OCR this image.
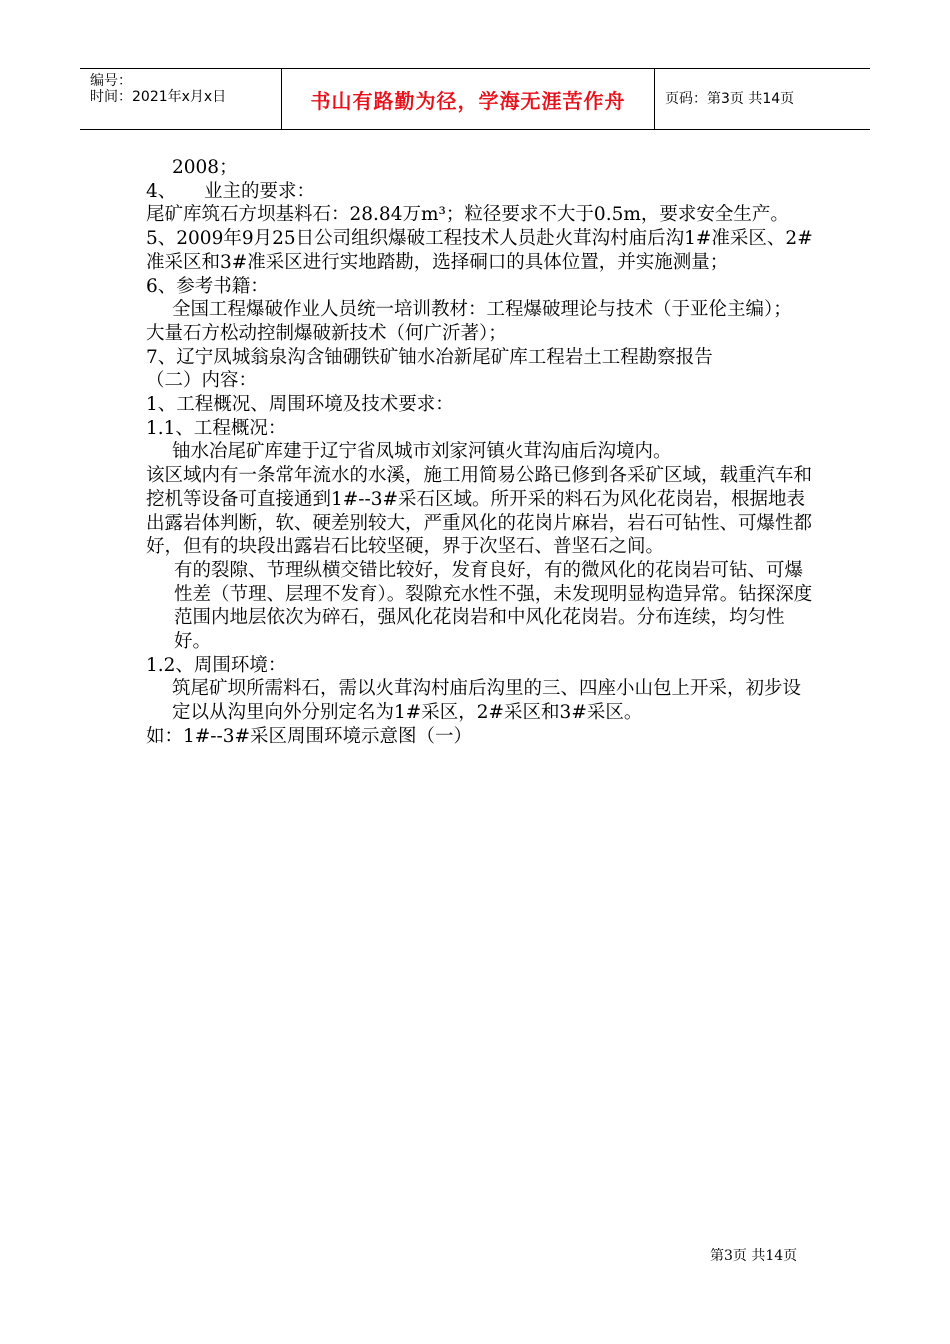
编号：
时间：2021年x月x日	书山有路勤为径，学海无涯苦作舟	页码：第3页 共14页

2008；

4、　　业主的要求：

尾矿库筑石方坝基料石：28.84万m³；粒径要求不大于0.5m，要求安全生产。

5、2009年9月25日公司组织爆破工程技术人员赴火茸沟村庙后沟1#准采区、2#准采区和3#准采区进行实地踏勘，选择硐口的具体位置，并实施测量；

6、参考书籍：

全国工程爆破作业人员统一培训教材：工程爆破理论与技术（于亚伦主编）；

大量石方松动控制爆破新技术（何广沂著）；

7、辽宁凤城翁泉沟含铀硼铁矿铀水冶新尾矿库工程岩土工程勘察报告

（二）内容：

1、工程概况、周围环境及技术要求：

1.1、工程概况：

铀水冶尾矿库建于辽宁省凤城市刘家河镇火茸沟庙后沟境内。

该区域内有一条常年流水的水溪，施工用简易公路已修到各采矿区域，载重汽车和挖机等设备可直接通到1#--3#采石区域。所开采的料石为风化花岗岩，根据地表出露岩体判断，软、硬差别较大，严重风化的花岗片麻岩，岩石可钻性、可爆性都好，但有的块段出露岩石比较坚硬，界于次坚石、普坚石之间。

有的裂隙、节理纵横交错比较好，发育良好，有的微风化的花岗岩可钻、可爆性差（节理、层理不发育）。裂隙充水性不强，未发现明显构造异常。钻探深度范围内地层依次为碎石，强风化花岗岩和中风化花岗岩。分布连续，均匀性好。

1.2、周围环境：

筑尾矿坝所需料石，需以火茸沟村庙后沟里的三、四座小山包上开采，初步设定以从沟里向外分别定名为1#采区，2#采区和3#采区。

如：1#--3#采区周围环境示意图（一）

第3页 共14页
